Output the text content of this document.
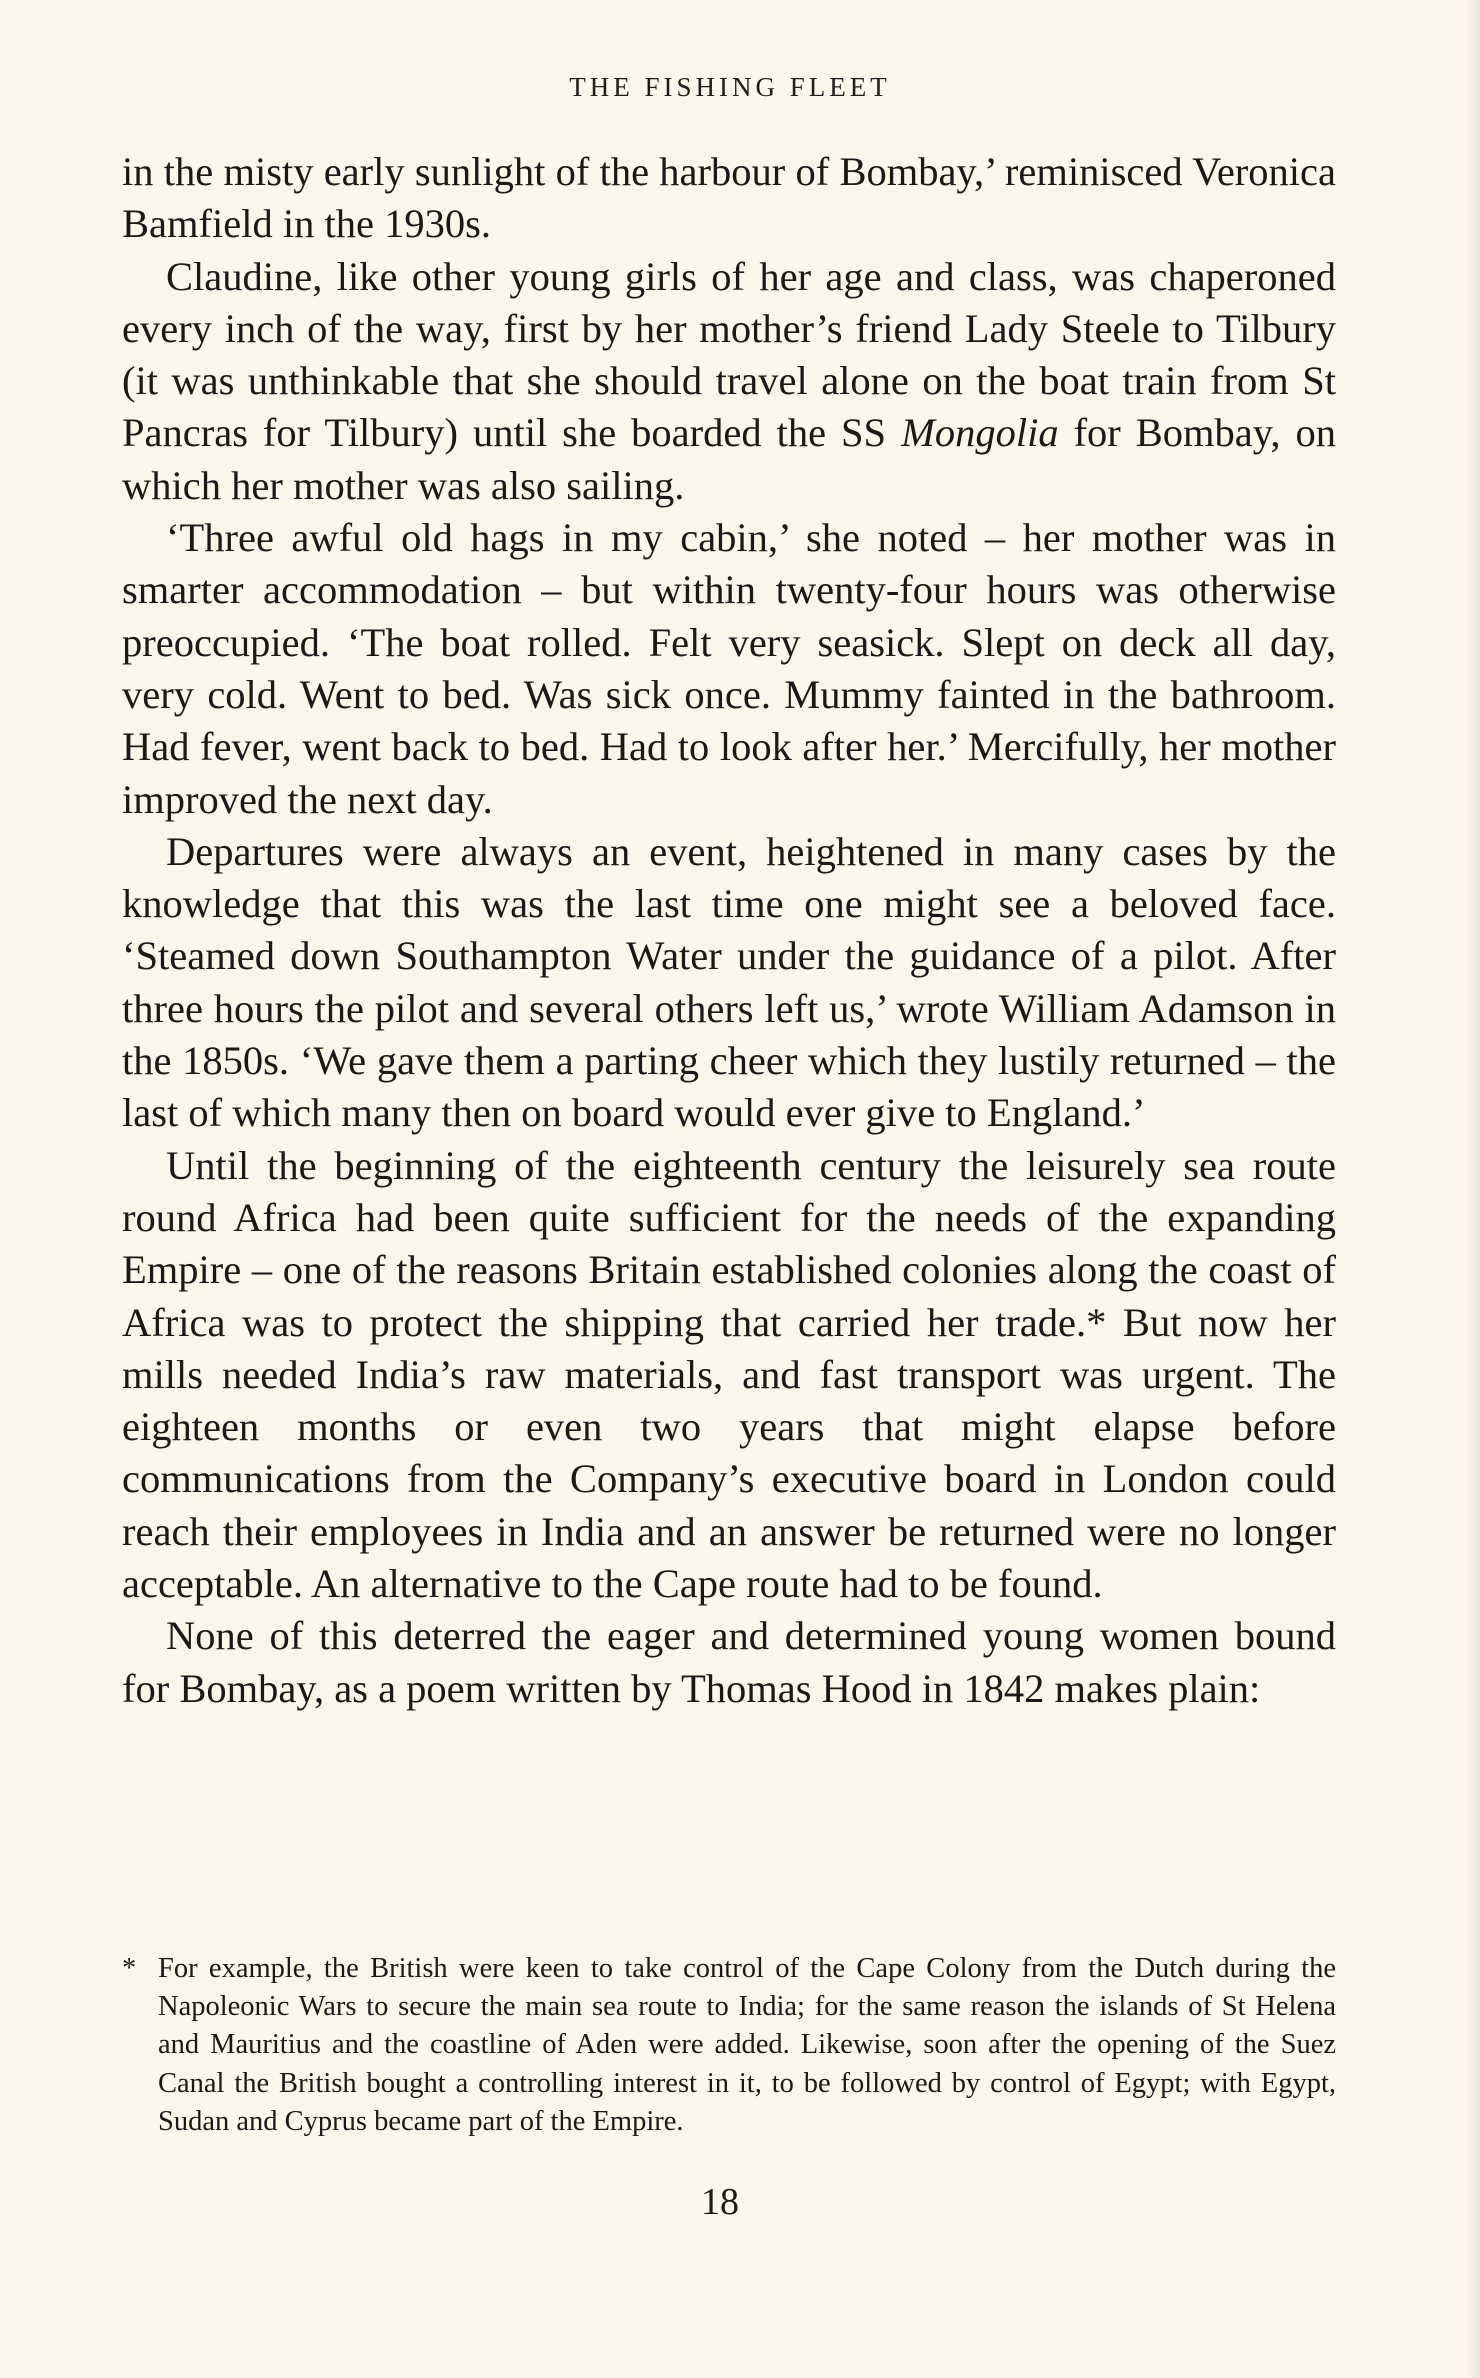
THE FISHING FLEET

in the misty early sunlight of the harbour of Bombay,’ reminisced Veronica Bamfield in the 1930s.

Claudine, like other young girls of her age and class, was chaperoned every inch of the way, first by her mother’s friend Lady Steele to Tilbury (it was unthinkable that she should travel alone on the boat train from St Pancras for Tilbury) until she boarded the SS Mongolia for Bombay, on which her mother was also sailing.

‘Three awful old hags in my cabin,’ she noted – her mother was in smarter accommodation – but within twenty-four hours was otherwise preoccupied. ‘The boat rolled. Felt very seasick. Slept on deck all day, very cold. Went to bed. Was sick once. Mummy fainted in the bathroom. Had fever, went back to bed. Had to look after her.’ Mercifully, her mother improved the next day.

Departures were always an event, heightened in many cases by the knowledge that this was the last time one might see a beloved face. ‘Steamed down Southampton Water under the guidance of a pilot. After three hours the pilot and several others left us,’ wrote William Adamson in the 1850s. ‘We gave them a parting cheer which they lustily returned – the last of which many then on board would ever give to England.’

Until the beginning of the eighteenth century the leisurely sea route round Africa had been quite sufficient for the needs of the expanding Empire – one of the reasons Britain established colonies along the coast of Africa was to protect the shipping that carried her trade.* But now her mills needed India’s raw materials, and fast transport was urgent. The eighteen months or even two years that might elapse before communications from the Company’s executive board in London could reach their employees in India and an answer be returned were no longer acceptable. An alternative to the Cape route had to be found.

None of this deterred the eager and determined young women bound for Bombay, as a poem written by Thomas Hood in 1842 makes plain:

* For example, the British were keen to take control of the Cape Colony from the Dutch during the Napoleonic Wars to secure the main sea route to India; for the same reason the islands of St Helena and Mauritius and the coastline of Aden were added. Likewise, soon after the opening of the Suez Canal the British bought a controlling interest in it, to be followed by control of Egypt; with Egypt, Sudan and Cyprus became part of the Empire.
18
